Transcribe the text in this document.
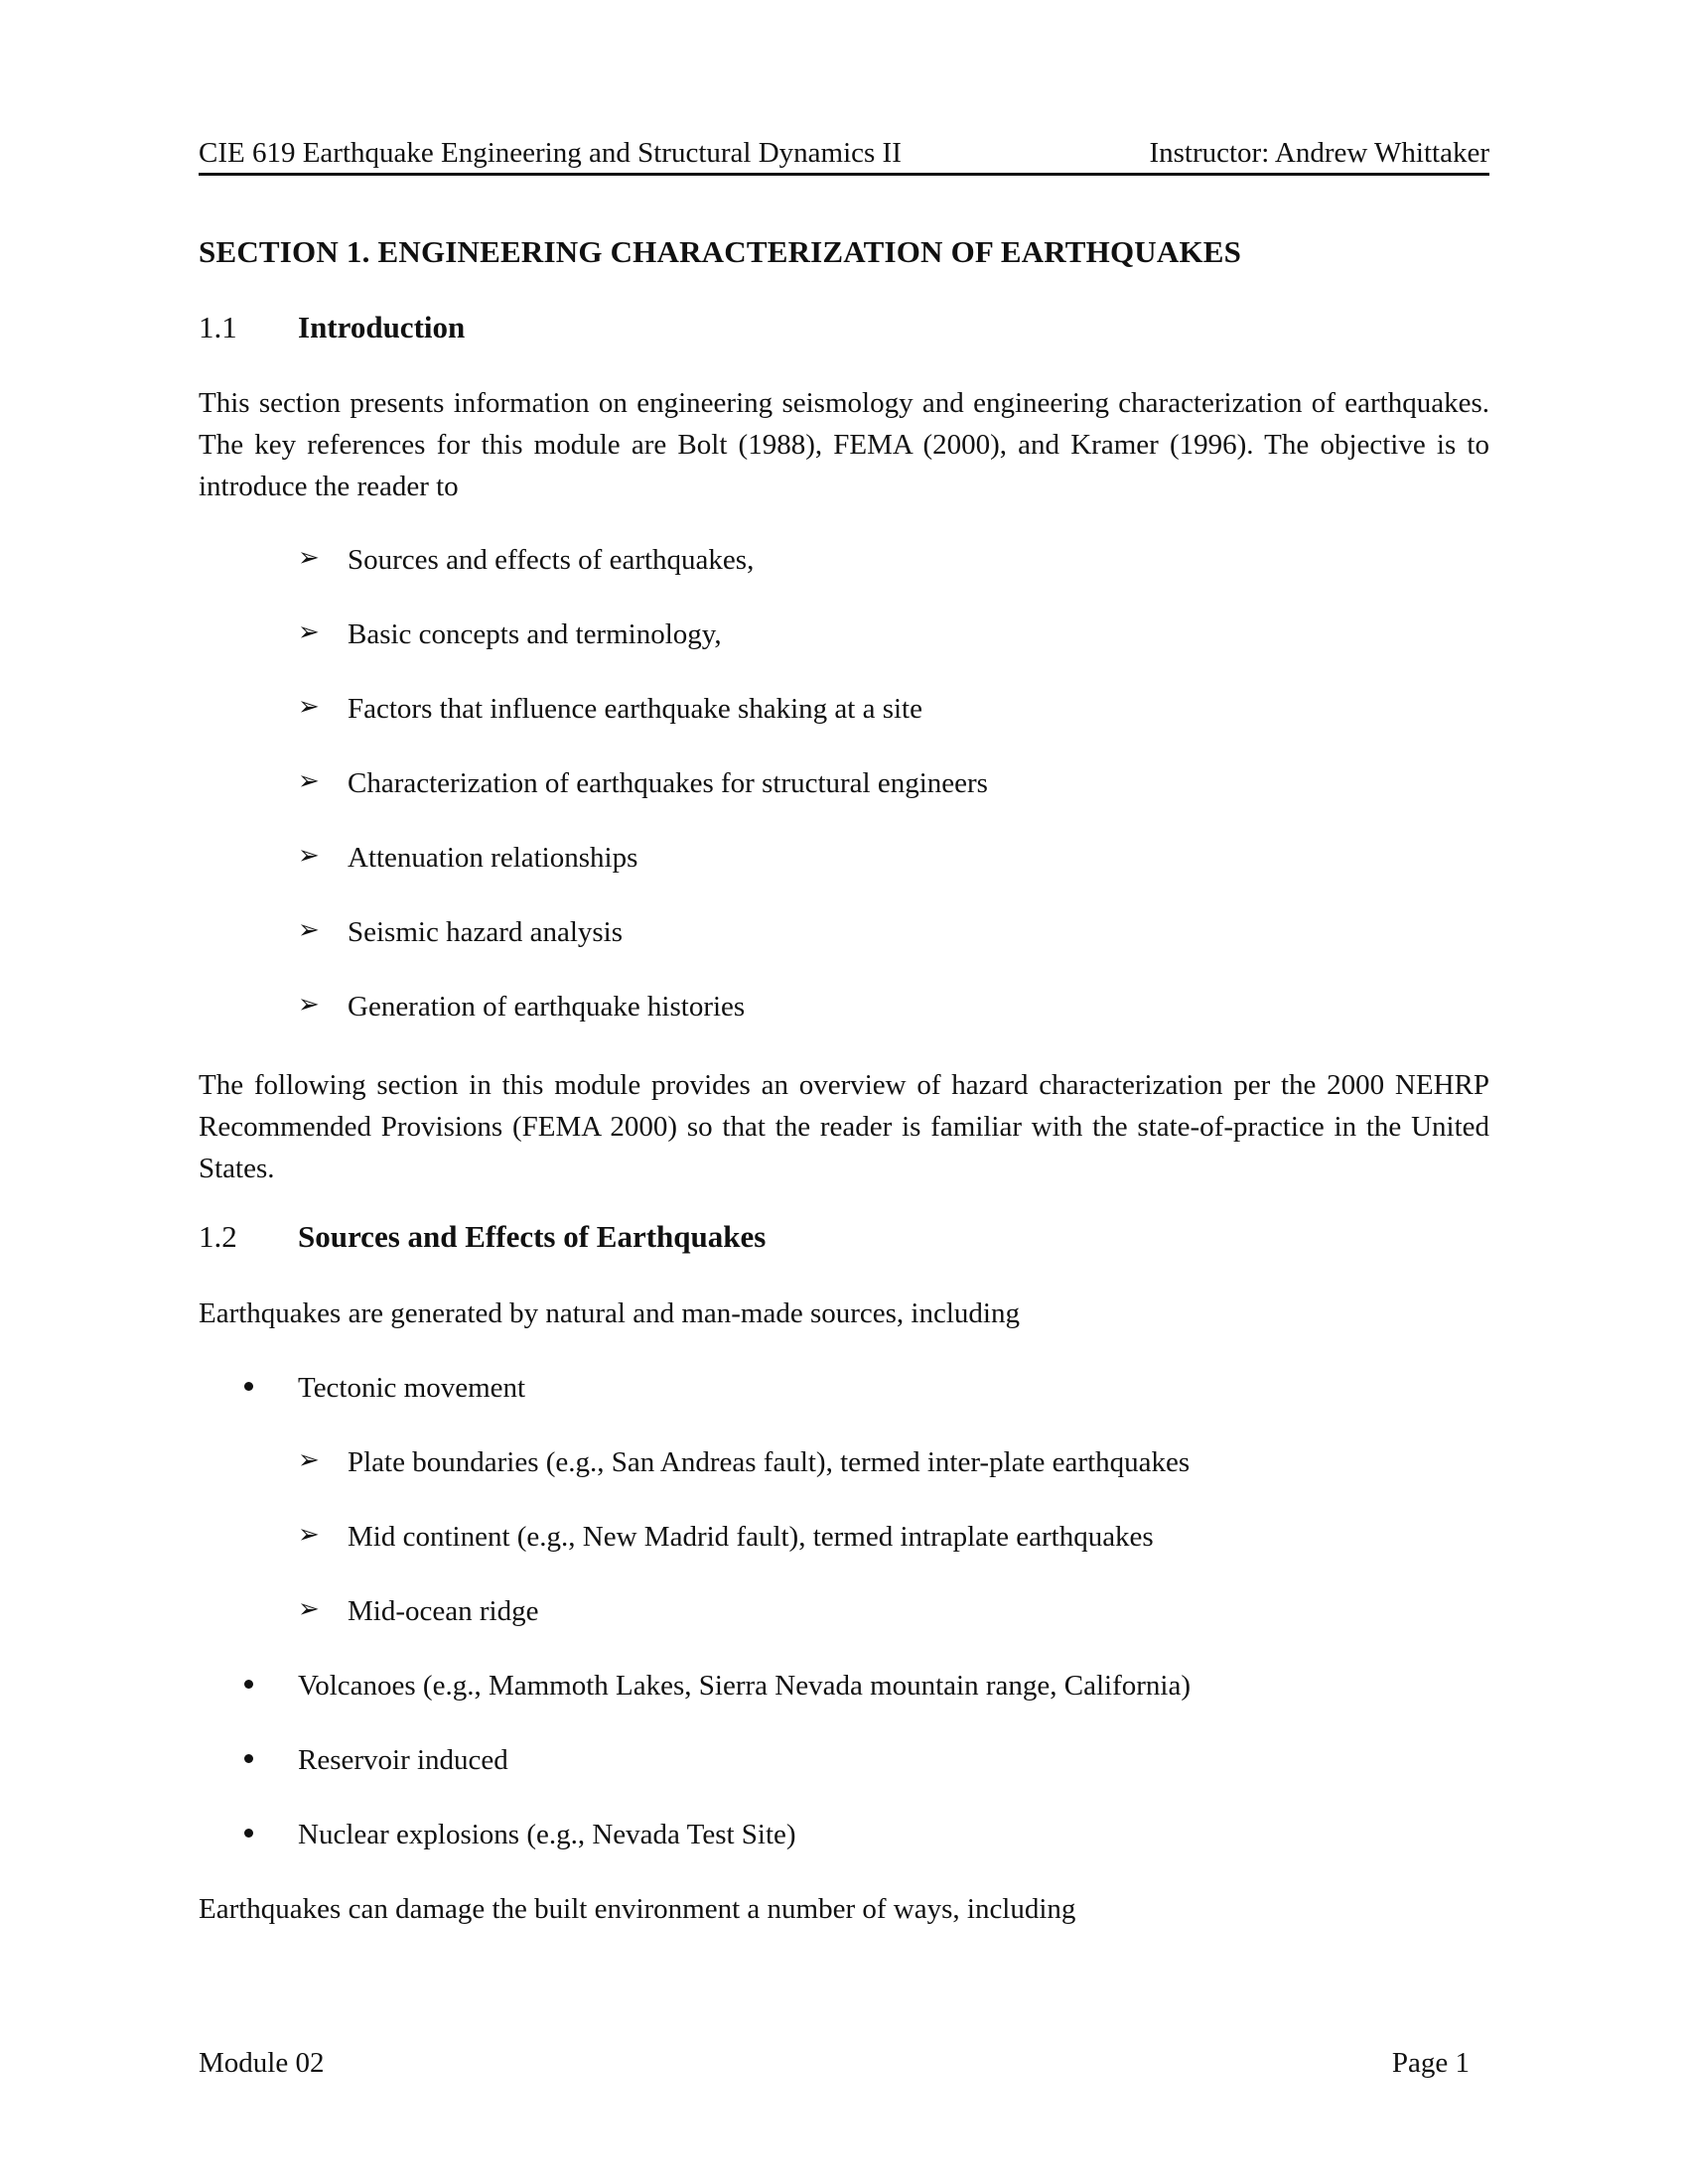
CIE 619 Earthquake Engineering and Structural Dynamics II	Instructor: Andrew Whittaker
SECTION 1. ENGINEERING CHARACTERIZATION OF EARTHQUAKES
1.1 Introduction
This section presents information on engineering seismology and engineering characterization of earthquakes. The key references for this module are Bolt (1988), FEMA (2000), and Kramer (1996). The objective is to introduce the reader to
➢ Sources and effects of earthquakes,
➢ Basic concepts and terminology,
➢ Factors that influence earthquake shaking at a site
➢ Characterization of earthquakes for structural engineers
➢ Attenuation relationships
➢ Seismic hazard analysis
➢ Generation of earthquake histories
The following section in this module provides an overview of hazard characterization per the 2000 NEHRP Recommended Provisions (FEMA 2000) so that the reader is familiar with the state-of-practice in the United States.
1.2 Sources and Effects of Earthquakes
Earthquakes are generated by natural and man-made sources, including
Tectonic movement
➢ Plate boundaries (e.g., San Andreas fault), termed inter-plate earthquakes
➢ Mid continent (e.g., New Madrid fault), termed intraplate earthquakes
➢ Mid-ocean ridge
Volcanoes (e.g., Mammoth Lakes, Sierra Nevada mountain range, California)
Reservoir induced
Nuclear explosions (e.g., Nevada Test Site)
Earthquakes can damage the built environment a number of ways, including
Module 02	Page 1
